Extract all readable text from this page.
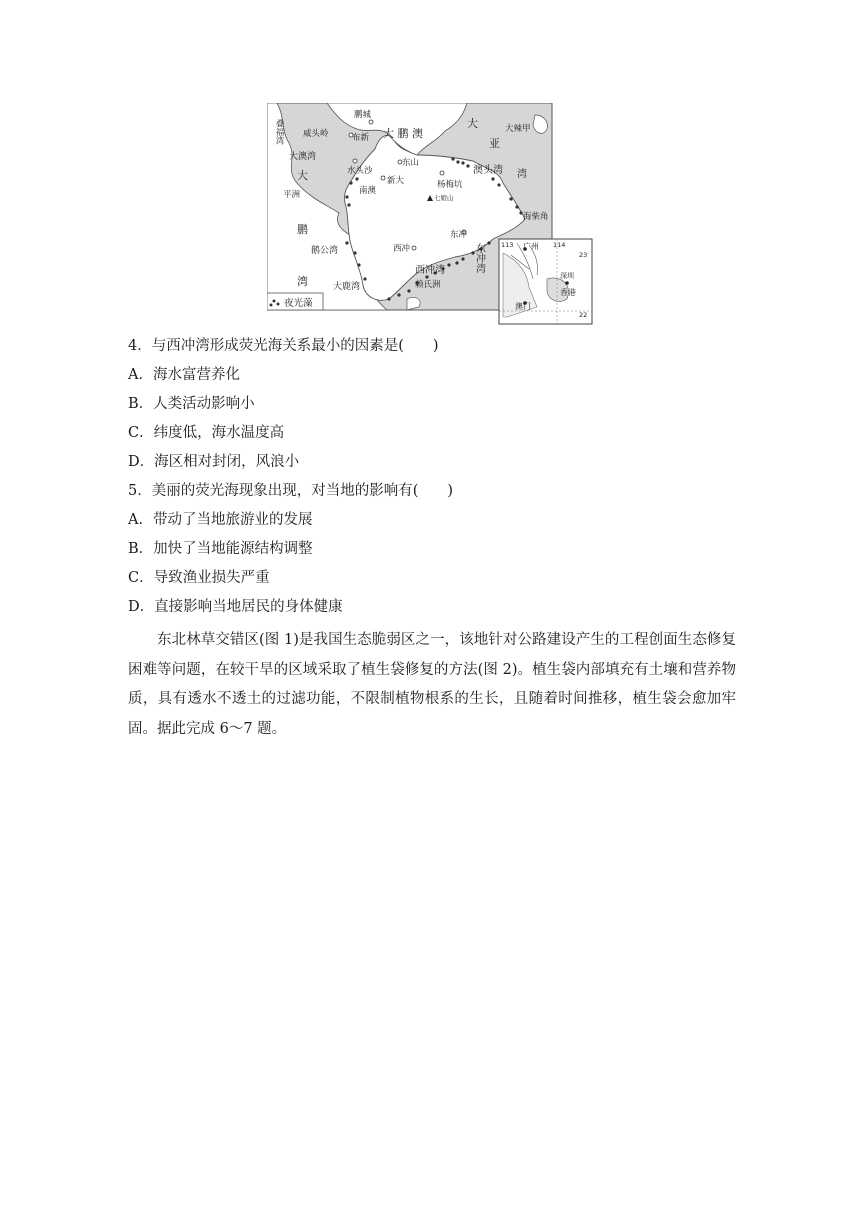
鹏城
威头岭	布新 大 鹏 澳
大	大辣甲
亚
叠福湾
大澳湾
水头沙
东山
澳头湾 湾
大	新大
南澳
杨梅坑
七娘山
平洲
海柴角
鹏	东冲
西冲
鹅公湾	东冲湾
西冲湾
湾	大鹿湾	赖氏洲
夜光藻
113	114
23
22
广州
深圳
香港
澳门
4．与西冲湾形成荧光海关系最小的因素是(　　)
A．海水富营养化
B．人类活动影响小
C．纬度低，海水温度高
D．海区相对封闭，风浪小
5．美丽的荧光海现象出现，对当地的影响有(　　)
A．带动了当地旅游业的发展
B．加快了当地能源结构调整
C．导致渔业损失严重
D．直接影响当地居民的身体健康
东北林草交错区(图 1)是我国生态脆弱区之一，该地针对公路建设产生的工程创面生态修复困难等问题，在较干旱的区域采取了植生袋修复的方法(图 2)。植生袋内部填充有土壤和营养物质，具有透水不透土的过滤功能，不限制植物根系的生长，且随着时间推移，植生袋会愈加牢固。据此完成 6～7 题。
